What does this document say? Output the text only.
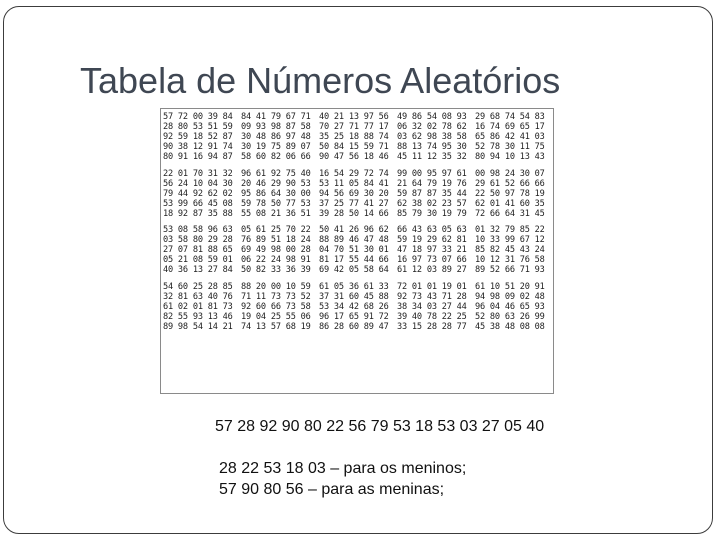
Tabela de Números Aleatórios
57 72 00 39 84 84 41 79 67 71 40 21 13 97 56 49 86 54 08 93 29 68 74 54 83
28 80 53 51 59 09 93 98 87 58 70 27 71 77 17 06 32 02 78 62 16 74 69 65 17
92 59 18 52 87 30 48 86 97 48 35 25 18 88 74 03 62 98 38 58 65 86 42 41 03
90 38 12 91 74 30 19 75 89 07 50 84 15 59 71 88 13 74 95 30 52 78 30 11 75
80 91 16 94 87 58 60 82 06 66 90 47 56 18 46 45 11 12 35 32 80 94 10 13 43
22 01 70 31 32 96 61 92 75 40 16 54 29 72 74 99 00 95 97 61 00 98 24 30 07
56 24 10 04 30 20 46 29 90 53 53 11 05 84 41 21 64 79 19 76 29 61 52 66 66
79 44 92 62 02 95 86 64 30 00 94 56 69 30 20 59 87 87 35 44 22 50 97 78 19
53 99 66 45 08 59 78 50 77 53 37 25 77 41 27 62 38 02 23 57 62 01 41 60 35
18 92 87 35 88 55 08 21 36 51 39 28 50 14 66 85 79 30 19 79 72 66 64 31 45
53 08 58 96 63 05 61 25 70 22 50 41 26 96 62 66 43 63 05 63 01 32 79 85 22
03 58 80 29 28 76 89 51 18 24 88 89 46 47 48 59 19 29 62 81 10 33 99 67 12
27 07 81 88 65 69 49 98 00 28 04 70 51 30 01 47 18 97 33 21 85 82 45 43 24
05 21 08 59 01 06 22 24 98 91 81 17 55 44 66 16 97 73 07 66 10 12 31 76 58
40 36 13 27 84 50 82 33 36 39 69 42 05 58 64 61 12 03 89 27 89 52 66 71 93
54 60 25 28 85 88 20 00 10 59 61 05 36 61 33 72 01 01 19 01 61 10 51 20 91
32 81 63 40 76 71 11 73 73 52 37 31 60 45 88 92 73 43 71 28 94 98 09 02 48
61 02 01 81 73 92 60 66 73 58 53 34 42 68 26 38 34 03 27 44 96 04 46 65 93
82 55 93 13 46 19 04 25 55 06 96 17 65 91 72 39 40 78 22 25 52 80 63 26 99
89 98 54 14 21 74 13 57 68 19 86 28 60 89 47 33 15 28 28 77 45 38 48 08 08
57 28 92 90 80 22 56 79 53 18 53 03 27 05 40
28 22 53 18 03 – para os meninos;
57 90 80 56 – para as meninas;
